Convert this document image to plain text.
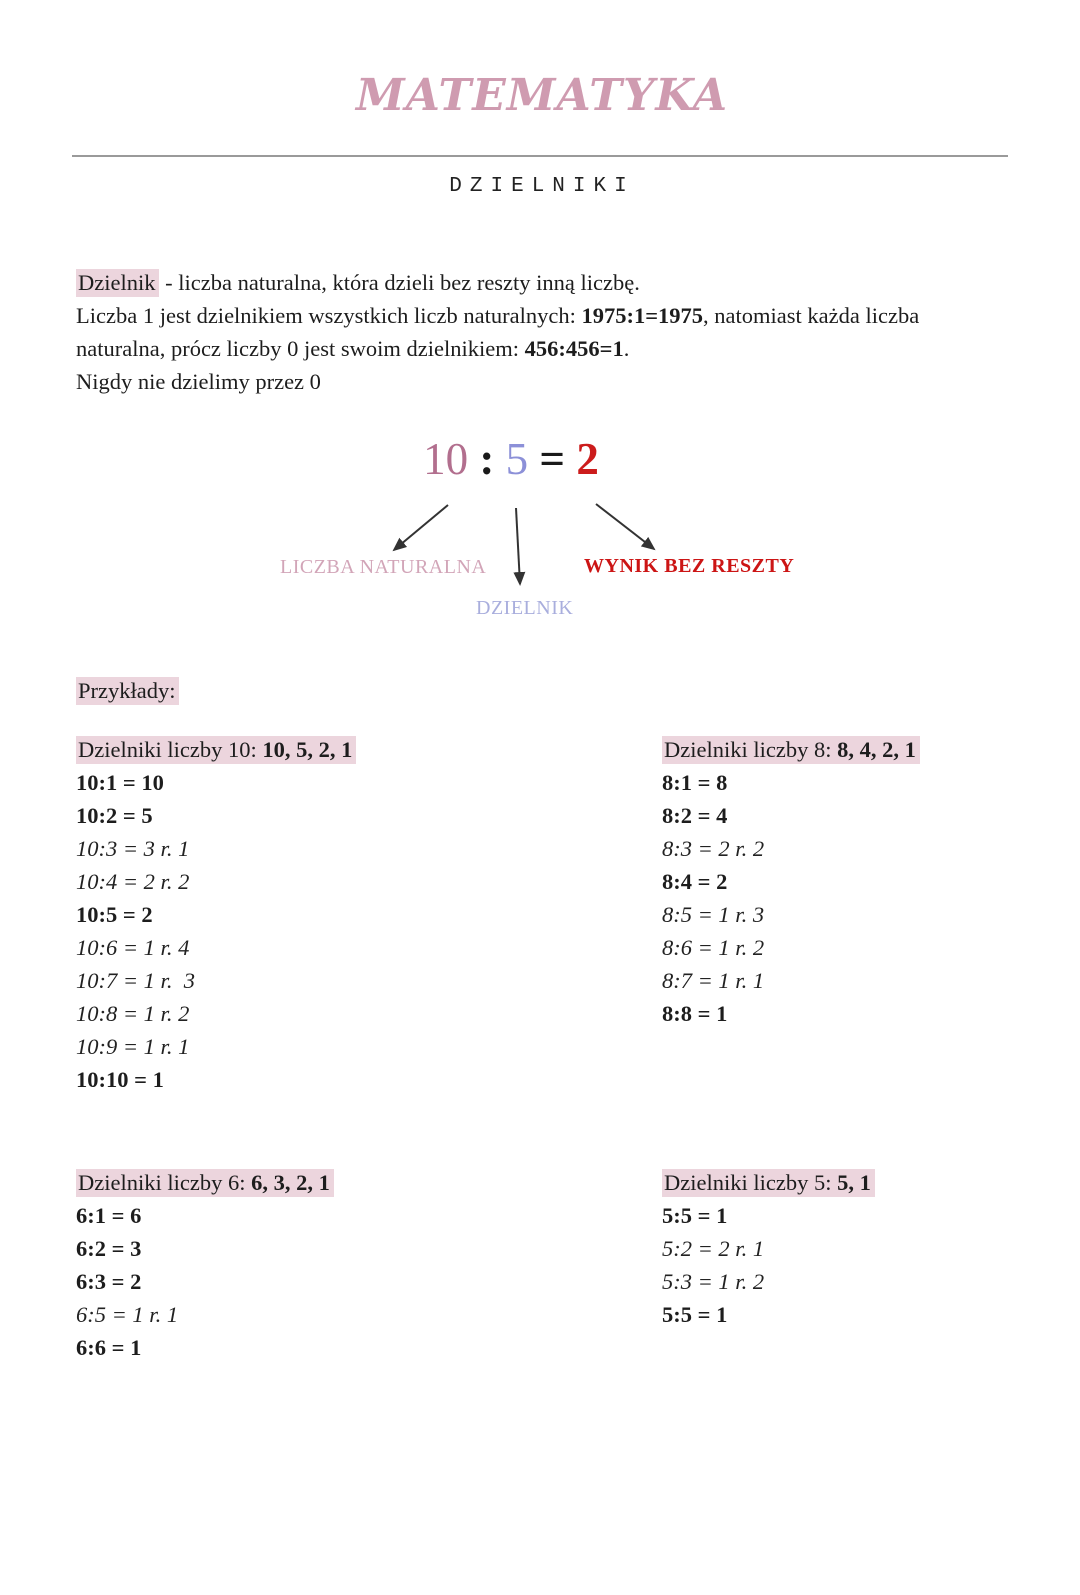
MATEMATYKA
DZIELNIKI
Dzielnik - liczba naturalna, która dzieli bez reszty inną liczbę.
Liczba 1 jest dzielnikiem wszystkich liczb naturalnych: 1975:1=1975, natomiast każda liczba
naturalna, prócz liczby 0 jest swoim dzielnikiem: 456:456=1.
Nigdy nie dzielimy przez 0
10 : 5 = 2
LICZBA NATURALNA	WYNIK BEZ RESZTY
DZIELNIK
Przykłady:
Dzielniki liczby 10: 10, 5, 2, 1
10:1 = 10
10:2 = 5
10:3 = 3 r. 1
10:4 = 2 r. 2
10:5 = 2
10:6 = 1 r. 4
10:7 = 1 r.  3
10:8 = 1 r. 2
10:9 = 1 r. 1
10:10 = 1
Dzielniki liczby 8: 8, 4, 2, 1
8:1 = 8
8:2 = 4
8:3 = 2 r. 2
8:4 = 2
8:5 = 1 r. 3
8:6 = 1 r. 2
8:7 = 1 r. 1
8:8 = 1
Dzielniki liczby 6: 6, 3, 2, 1
6:1 = 6
6:2 = 3
6:3 = 2
6:5 = 1 r. 1
6:6 = 1
Dzielniki liczby 5: 5, 1
5:5 = 1
5:2 = 2 r. 1
5:3 = 1 r. 2
5:5 = 1
